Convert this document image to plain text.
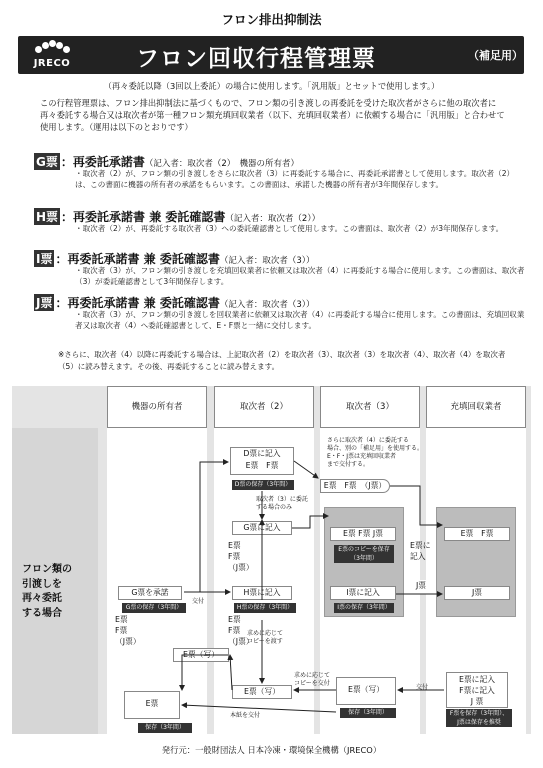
フロン排出抑制法
JRECO	フロン回収行程管理票	（補足用）
（再々委託以降（3回以上委託）の場合に使用します。「汎用版」とセットで使用します。）
この行程管理票は、フロン排出抑制法に基づくもので、フロン類の引き渡しの再委託を受けた取次者がさらに他の取次者に再々委託する場合又は取次者が第一種フロン類充填回収業者（以下、充填回収業者）に依頼する場合に「汎用版」と合わせて使用します。（運用は以下のとおりです）
G票 ：再委託承諾書（記入者：取次者（2）　機器の所有者）
・取次者（2）が、フロン類の引き渡しをさらに取次者（3）に再委託する場合に、再委託承諾書として使用します。取次者（2）は、この書面に機器の所有者の承諾をもらいます。この書面は、承諾した機器の所有者が3年間保存します。
H票 ：再委託承諾書 兼 委託確認書（記入者：取次者（2））
・取次者（2）が、再委託する取次者（3）への委託確認書として使用します。この書面は、取次者（2）が3年間保存します。
I票 ：再委託承諾書 兼 委託確認書（記入者：取次者（3））
・取次者（3）が、フロン類の引き渡しを充填回収業者に依頼又は取次者（4）に再委託する場合に使用します。この書面は、取次者（3）が委託確認書として3年間保存します。
J票 ：再委託承諾書 兼 委託確認書（記入者：取次者（3））
・取次者（3）が、フロン類の引き渡しを回収業者に依頼又は取次者（4）に再委託する場合に使用します。この書面は、充填回収業者又は取次者（4）へ委託確認書として、E・F票と一緒に交付します。
※さらに、取次者（4）以降に再委託する場合は、上記取次者（2）を取次者（3）、取次者（3）を取次者（4）、取次者（4）を取次者（5）に読み替えます。その後、再委託することに読み替えます。
フロン類の
引渡しを
再々委託
する場合
機器の所有者	取次者（2）	取次者（3）	充填回収業者
D票に記入
E票　F票
D票の保存（3年間）
取次者（3）に委託
する場合のみ
G票に記入
E票
F票
（J票）
H票に記入
H票の保存（3年間）
E票
F票
（J票）
求めに応じて
コピーを渡す
E票（写）
G票を承諾
G票の保存（3年間）
E票
F票
（J票）
交付
E票（写）
E票
保存（3年間）
本紙を交付
さらに取次者（4）に委託する
場合、別の「補足用」を使用する。
E・F・J票は充填回収業者
まで交付する。
E票　F票　（J票）
E票 F票 J票
E票のコピーを保存
（3年間）
I票に記入
I票の保存（3年間）
求めに応じて
コピーを交付
E票（写）
保存（3年間）
E票に
記入
J票
E票　F票
J票
E票に記入
F票に記入
J 票
F票を保存（3年間）、
J票は保存を推奨
交付
発行元：一般財団法人 日本冷凍・環境保全機構（JRECO）
